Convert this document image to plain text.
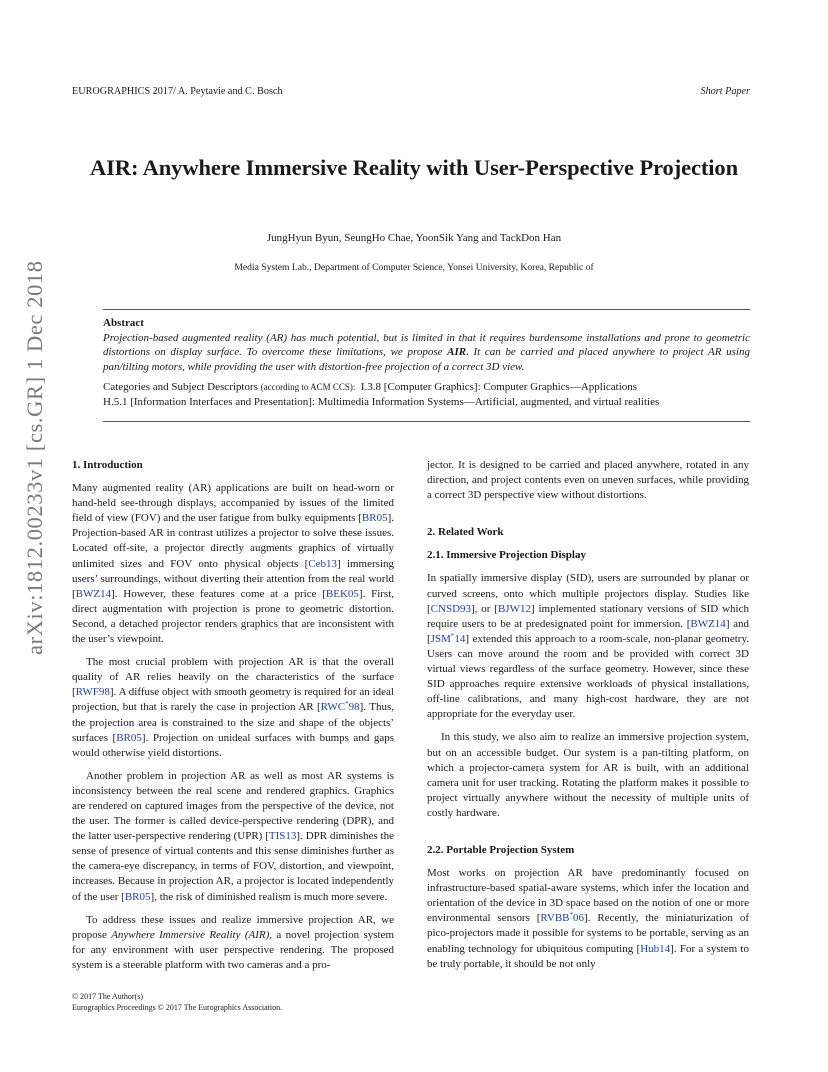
EUROGRAPHICS 2017/ A. Peytavie and C. Bosch	Short Paper
AIR: Anywhere Immersive Reality with User-Perspective Projection
JungHyun Byun, SeungHo Chae, YoonSik Yang and TackDon Han
Media System Lab., Department of Computer Science, Yonsei University, Korea, Republic of
arXiv:1812.00233v1 [cs.GR] 1 Dec 2018	Abstract
Projection-based augmented reality (AR) has much potential, but is limited in that it requires burdensome installations and prone to geometric distortions on display surface. To overcome these limitations, we propose AIR. It can be carried and placed anywhere to project AR using pan/tilting motors, while providing the user with distortion-free projection of a correct 3D view.
Categories and Subject Descriptors (according to ACM CCS): I.3.8 [Computer Graphics]: Computer Graphics—Applications
H.5.1 [Information Interfaces and Presentation]: Multimedia Information Systems—Artificial, augmented, and virtual realities
1. Introduction

Many augmented reality (AR) applications are built on head-worn or hand-held see-through displays, accompanied by issues of the limited field of view (FOV) and the user fatigue from bulky equipments [BR05]. Projection-based AR in contrast utilizes a projector to solve these issues. Located off-site, a projector directly augments graphics of virtually unlimited sizes and FOV onto physical objects [Ceb13] immersing users’ surroundings, without diverting their attention from the real world [BWZ14]. However, these features come at a price [BEK05]. First, direct augmentation with projection is prone to geometric distortion. Second, a detached projector renders graphics that are inconsistent with the user’s viewpoint.

The most crucial problem with projection AR is that the overall quality of AR relies heavily on the characteristics of the surface [RWF98]. A diffuse object with smooth geometry is required for an ideal projection, but that is rarely the case in projection AR [RWC*98]. Thus, the projection area is constrained to the size and shape of the objects’ surfaces [BR05]. Projection on unideal surfaces with bumps and gaps would otherwise yield distortions.

Another problem in projection AR as well as most AR systems is inconsistency between the real scene and rendered graphics. Graphics are rendered on captured images from the perspective of the device, not the user. The former is called device-perspective rendering (DPR), and the latter user-perspective rendering (UPR) [TIS13]. DPR diminishes the sense of presence of virtual contents and this sense diminishes further as the camera-eye discrepancy, in terms of FOV, distortion, and viewpoint, increases. Because in projection AR, a projector is located independently of the user [BR05], the risk of diminished realism is much more severe.

To address these issues and realize immersive projection AR, we propose Anywhere Immersive Reality (AIR), a novel projection system for any environment with user perspective rendering. The proposed system is a steerable platform with two cameras and a pro-

jector. It is designed to be carried and placed anywhere, rotated in any direction, and project contents even on uneven surfaces, while providing a correct 3D perspective view without distortions.

2. Related Work
2.1. Immersive Projection Display

In spatially immersive display (SID), users are surrounded by planar or curved screens, onto which multiple projectors display. Studies like [CNSD93], or [BJW12] implemented stationary versions of SID which require users to be at predesignated point for immersion. [BWZ14] and [JSM*14] extended this approach to a room-scale, non-planar geometry. Users can move around the room and be provided with correct 3D virtual views regardless of the surface geometry. However, since these SID approaches require extensive workloads of physical installations, off-line calibrations, and many high-cost hardware, they are not appropriate for the everyday user.

In this study, we also aim to realize an immersive projection system, but on an accessible budget. Our system is a pan-tilting platform, on which a projector-camera system for AR is built, with an additional camera unit for user tracking. Rotating the platform makes it possible to project virtually anywhere without the necessity of multiple units of costly hardware.

2.2. Portable Projection System

Most works on projection AR have predominantly focused on infrastructure-based spatial-aware systems, which infer the location and orientation of the device in 3D space based on the notion of one or more environmental sensors [RVBB*06]. Recently, the miniaturization of pico-projectors made it possible for systems to be portable, serving as an enabling technology for ubiquitous computing [Hub14]. For a system to be truly portable, it should be not only

© 2017 The Author(s)
Eurographics Proceedings © 2017 The Eurographics Association.
